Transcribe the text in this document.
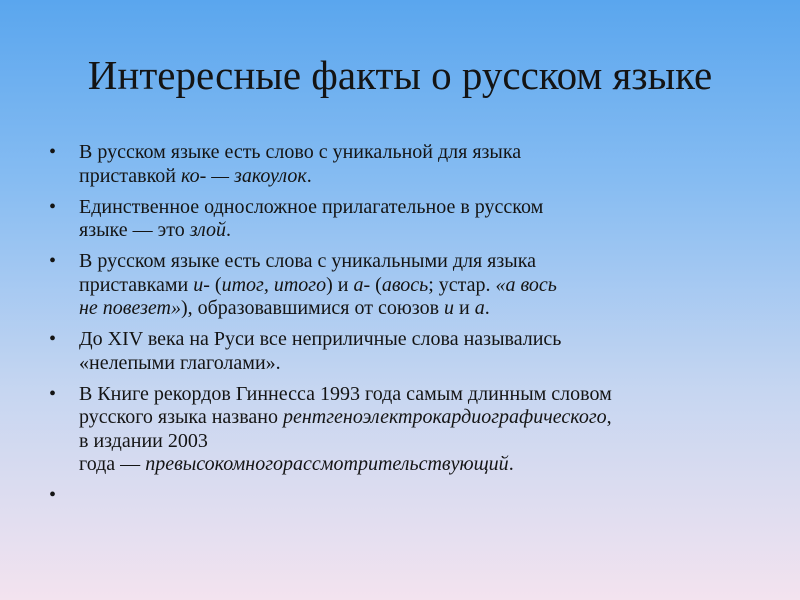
Интересные факты о русском языке
• В русском языке есть слово с уникальной для языка
приставкой ко- — закоулок.
• Единственное односложное прилагательное в русском
языке — это злой.
• В русском языке есть слова с уникальными для языка
приставками и- (итог, итого) и а- (авось; устар. «а вось
не повезет»), образовавшимися от союзов и и а.
• До XIV века на Руси все неприличные слова назывались
«нелепыми глаголами».
• В Книге рекордов Гиннесса 1993 года самым длинным словом
русского языка названо рентгеноэлектрокардиографического,
в издании 2003
года — превысокомногорассмотрительствующий.
•
